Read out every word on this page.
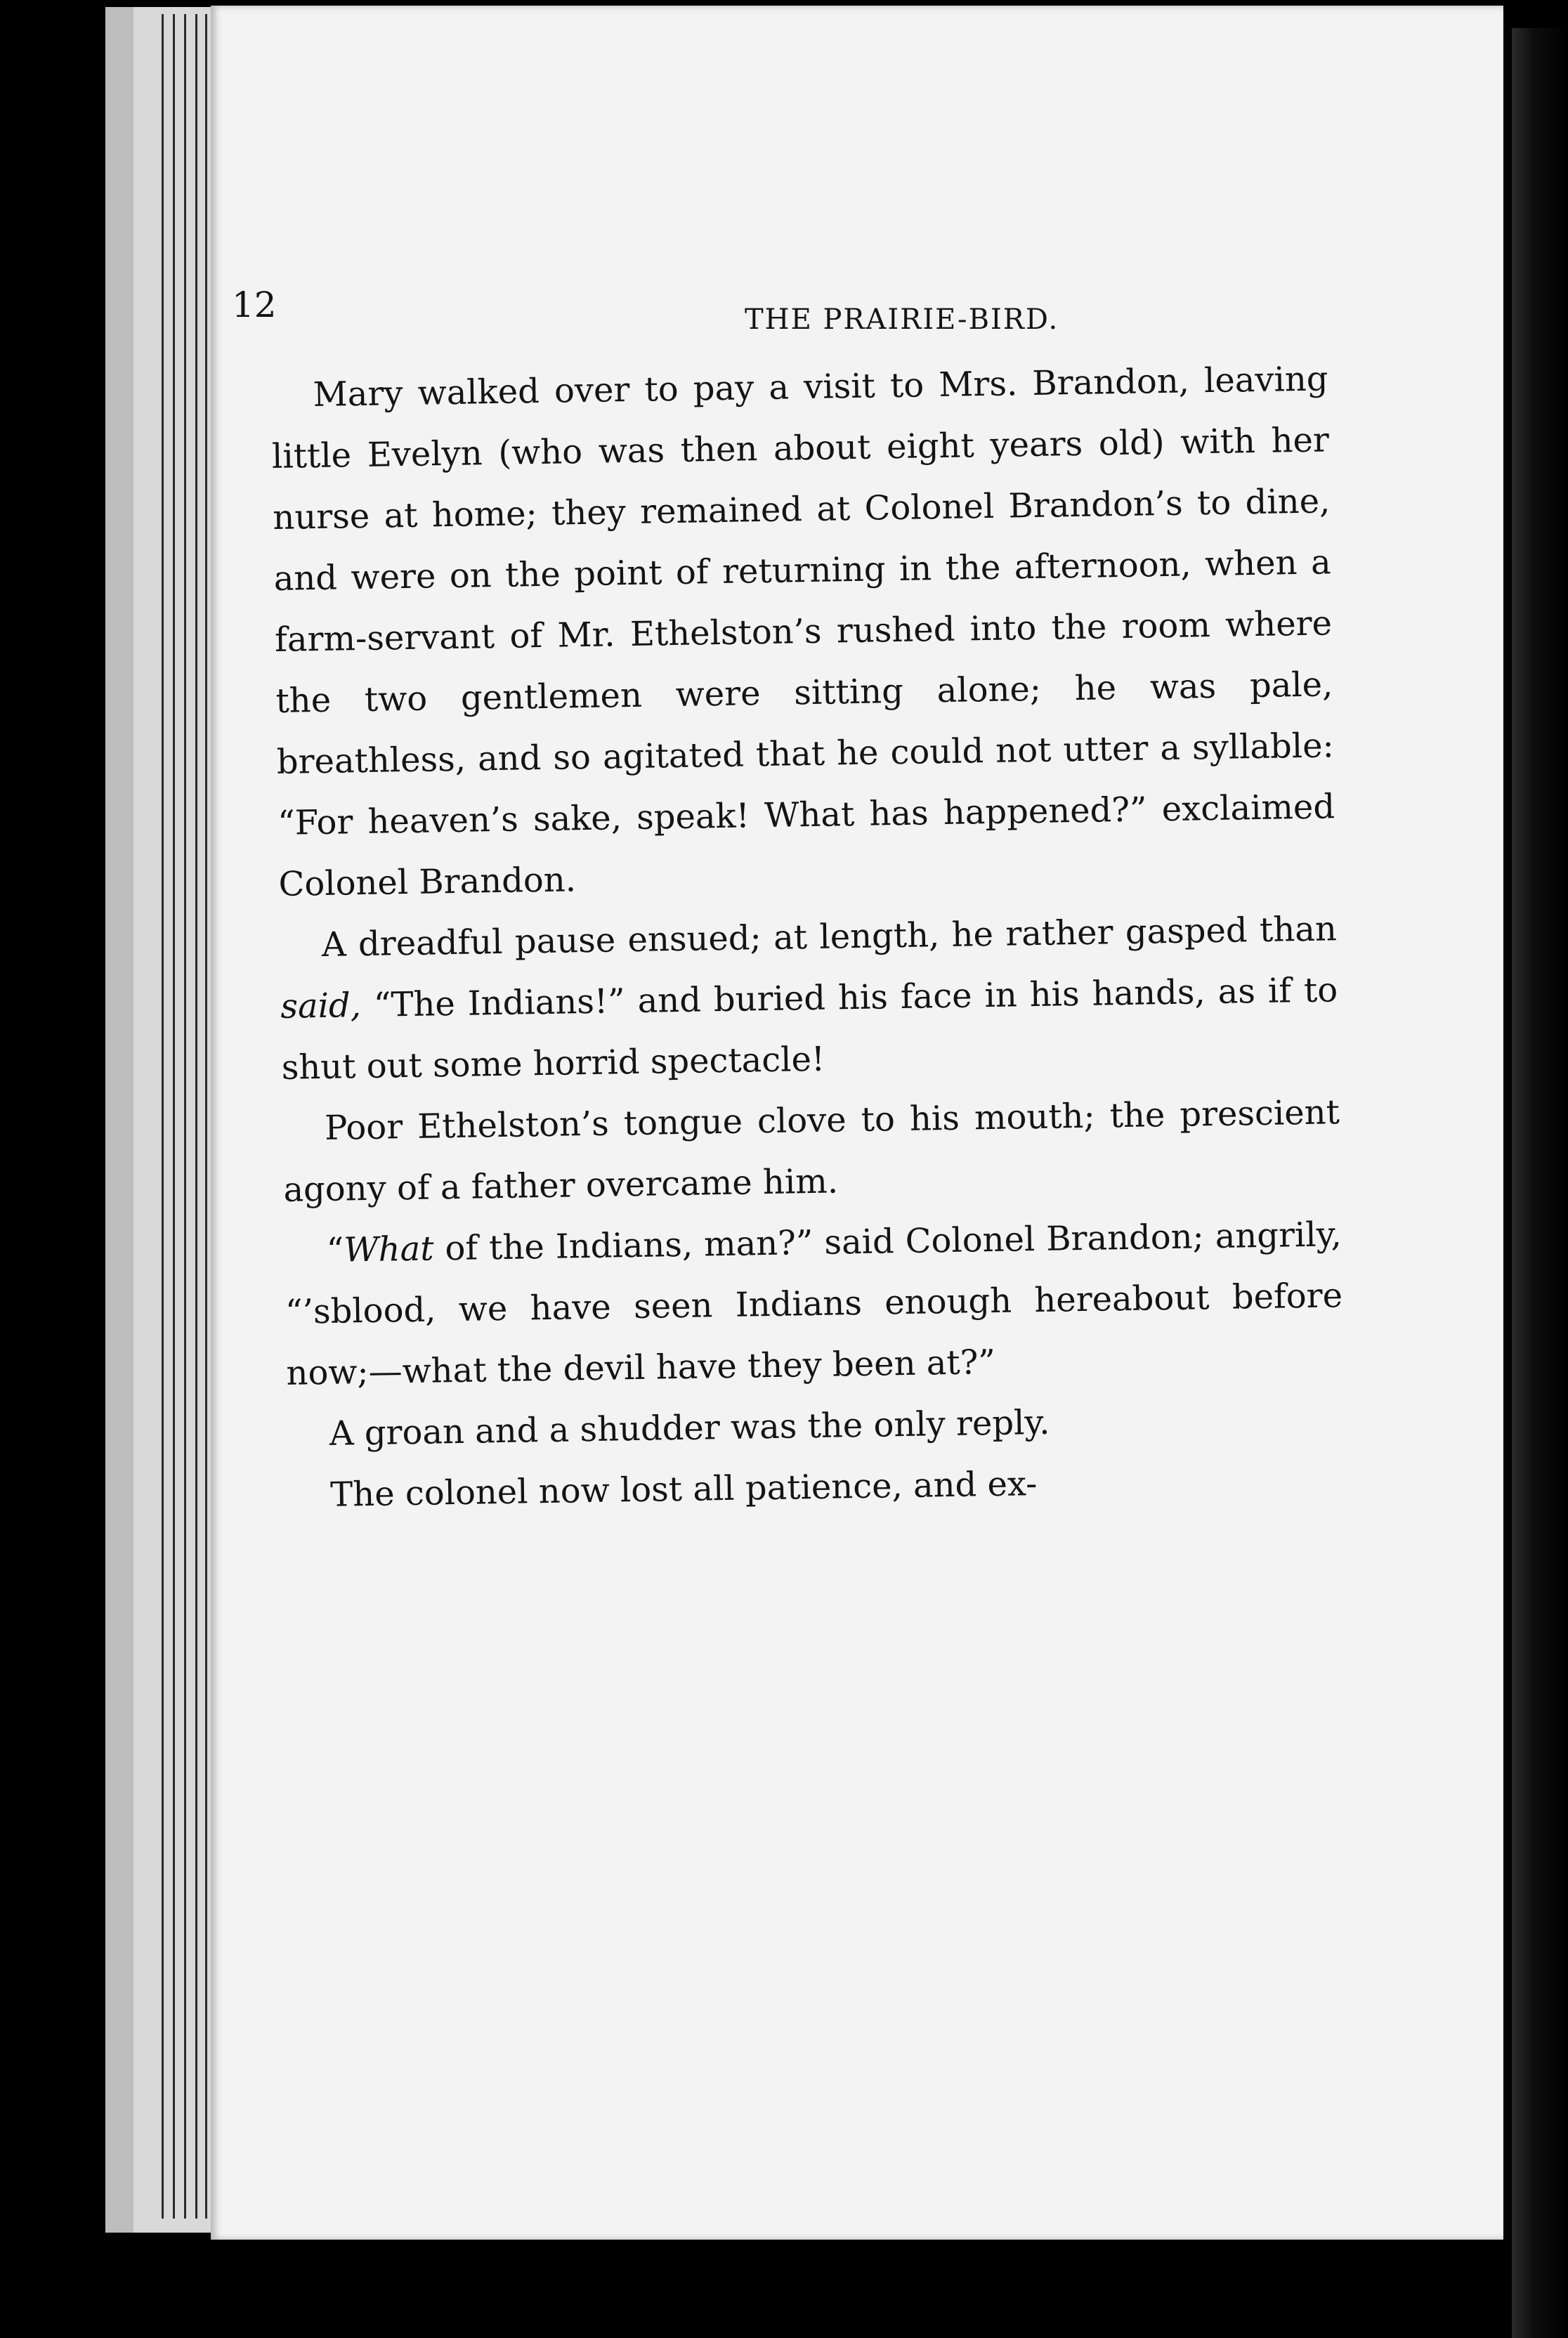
12	THE PRAIRIE-BIRD.

Mary walked over to pay a visit to Mrs. Brandon, leaving little Evelyn (who was then about eight years old) with her nurse at home; they remained at Colonel Brandon’s to dine, and were on the point of returning in the afternoon, when a farm-servant of Mr. Ethelston’s rushed into the room where the two gentlemen were sitting alone; he was pale, breathless, and so agitated that he could not utter a syllable: “For heaven’s sake, speak! What has happened?” exclaimed Colonel Brandon.

A dreadful pause ensued; at length, he rather gasped than said, “The Indians!” and buried his face in his hands, as if to shut out some horrid spectacle!

Poor Ethelston’s tongue clove to his mouth; the prescient agony of a father overcame him.

“What of the Indians, man?” said Colonel Brandon; angrily, “’sblood, we have seen Indians enough hereabout before now;—what the devil have they been at?”

A groan and a shudder was the only reply.

The colonel now lost all patience, and ex-
